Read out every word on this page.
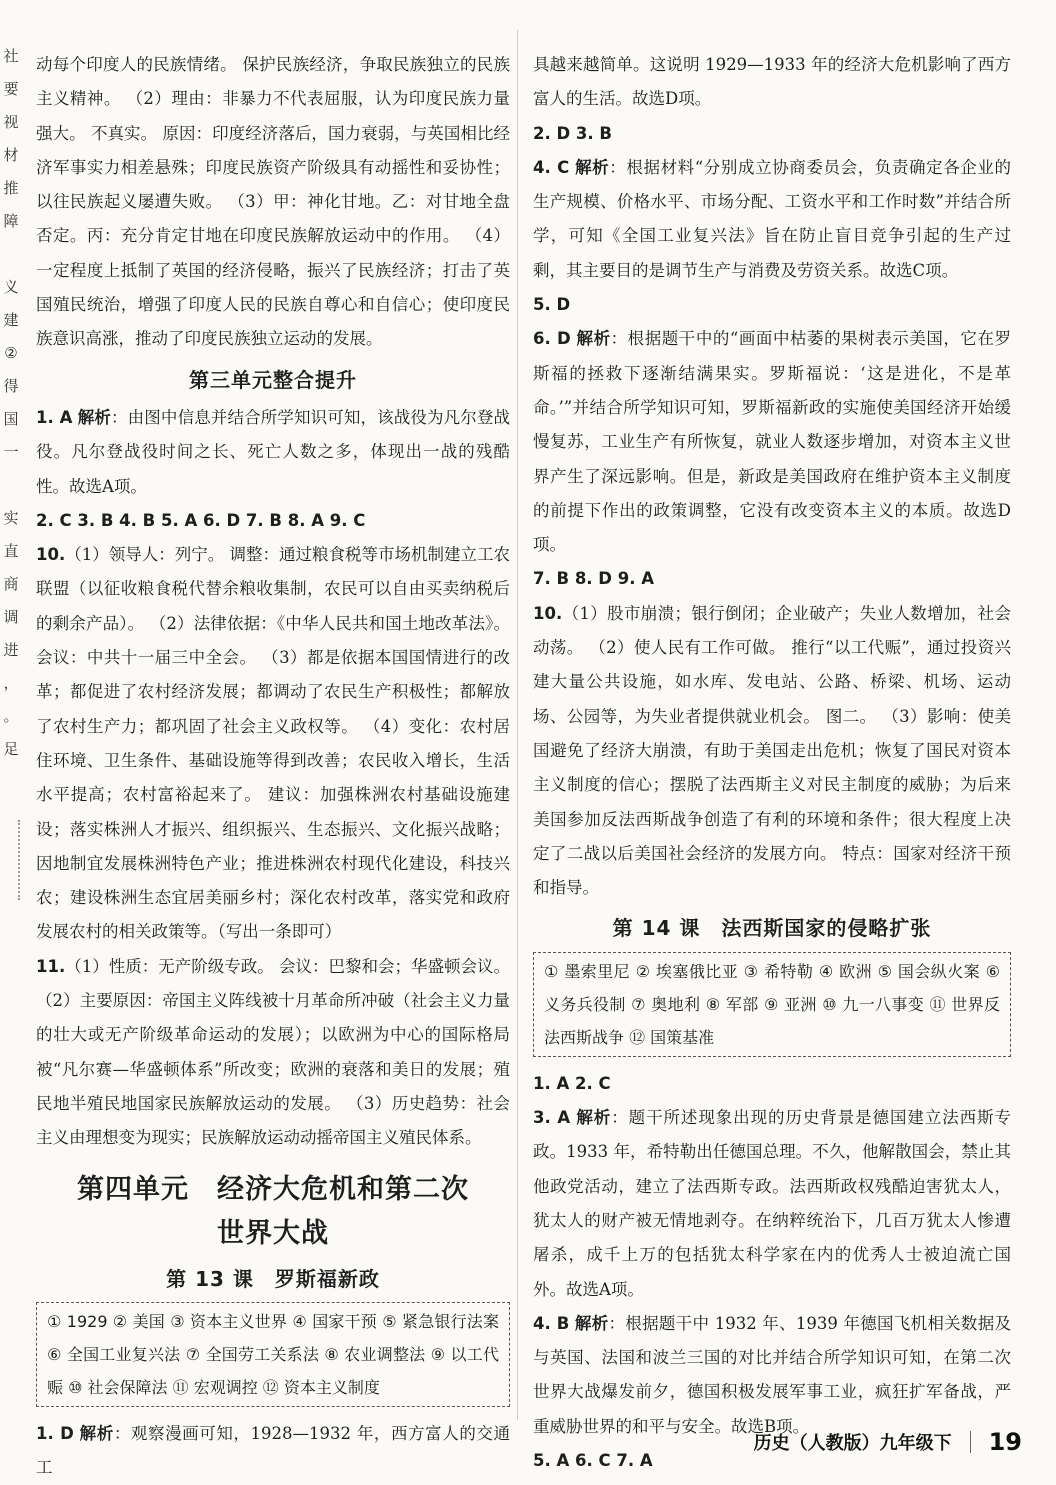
社
要
视
材
推
障

义
建
②
得
国
一

实
直
商
调
进
，
。
足

动每个印度人的民族情绪。 保护民族经济，争取民族独立的民族主义精神。 （2）理由：非暴力不代表屈服，认为印度民族力量强大。 不真实。 原因：印度经济落后，国力衰弱，与英国相比经济军事实力相差悬殊；印度民族资产阶级具有动摇性和妥协性；以往民族起义屡遭失败。 （3）甲：神化甘地。乙：对甘地全盘否定。丙：充分肯定甘地在印度民族解放运动中的作用。 （4）一定程度上抵制了英国的经济侵略，振兴了民族经济；打击了英国殖民统治，增强了印度人民的民族自尊心和自信心；使印度民族意识高涨，推动了印度民族独立运动的发展。

第三单元整合提升

1. A 解析：由图中信息并结合所学知识可知，该战役为凡尔登战役。凡尔登战役时间之长、死亡人数之多，体现出一战的残酷性。故选A项。

2. C 3. B 4. B 5. A 6. D 7. B 8. A 9. C

10.（1）领导人：列宁。 调整：通过粮食税等市场机制建立工农联盟（以征收粮食税代替余粮收集制，农民可以自由买卖纳税后的剩余产品）。 （2）法律依据：《中华人民共和国土地改革法》。 会议：中共十一届三中全会。 （3）都是依据本国国情进行的改革；都促进了农村经济发展；都调动了农民生产积极性；都解放了农村生产力；都巩固了社会主义政权等。 （4）变化：农村居住环境、卫生条件、基础设施等得到改善；农民收入增长，生活水平提高；农村富裕起来了。 建议：加强株洲农村基础设施建设；落实株洲人才振兴、组织振兴、生态振兴、文化振兴战略；因地制宜发展株洲特色产业；推进株洲农村现代化建设，科技兴农；建设株洲生态宜居美丽乡村；深化农村改革，落实党和政府发展农村的相关政策等。（写出一条即可）

11.（1）性质：无产阶级专政。 会议：巴黎和会；华盛顿会议。 （2）主要原因：帝国主义阵线被十月革命所冲破（社会主义力量的壮大或无产阶级革命运动的发展）；以欧洲为中心的国际格局被“凡尔赛—华盛顿体系”所改变；欧洲的衰落和美日的发展；殖民地半殖民地国家民族解放运动的发展。 （3）历史趋势：社会主义由理想变为现实；民族解放运动动摇帝国主义殖民体系。

第四单元　经济大危机和第二次
世界大战
第 13 课　罗斯福新政
① 1929 ② 美国 ③ 资本主义世界 ④ 国家干预 ⑤ 紧急银行法案 ⑥ 全国工业复兴法 ⑦ 全国劳工关系法 ⑧ 农业调整法 ⑨ 以工代赈 ⑩ 社会保障法 ⑪ 宏观调控 ⑫ 资本主义制度

1. D 解析：观察漫画可知，1928—1932 年，西方富人的交通工

具越来越简单。这说明 1929—1933 年的经济大危机影响了西方富人的生活。故选D项。

2. D 3. B

4. C 解析：根据材料“分别成立协商委员会，负责确定各企业的生产规模、价格水平、市场分配、工资水平和工作时数”并结合所学，可知《全国工业复兴法》旨在防止盲目竞争引起的生产过剩，其主要目的是调节生产与消费及劳资关系。故选C项。

5. D

6. D 解析：根据题干中的“画面中枯萎的果树表示美国，它在罗斯福的拯救下逐渐结满果实。罗斯福说：‘这是进化，不是革命。’”并结合所学知识可知，罗斯福新政的实施使美国经济开始缓慢复苏，工业生产有所恢复，就业人数逐步增加，对资本主义世界产生了深远影响。但是，新政是美国政府在维护资本主义制度的前提下作出的政策调整，它没有改变资本主义的本质。故选D项。

7. B 8. D 9. A

10.（1）股市崩溃；银行倒闭；企业破产；失业人数增加，社会动荡。 （2）使人民有工作可做。 推行“以工代赈”，通过投资兴建大量公共设施，如水库、发电站、公路、桥梁、机场、运动场、公园等，为失业者提供就业机会。 图二。 （3）影响：使美国避免了经济大崩溃，有助于美国走出危机；恢复了国民对资本主义制度的信心；摆脱了法西斯主义对民主制度的威胁；为后来美国参加反法西斯战争创造了有利的环境和条件；很大程度上决定了二战以后美国社会经济的发展方向。 特点：国家对经济干预和指导。

第 14 课　法西斯国家的侵略扩张
① 墨索里尼 ② 埃塞俄比亚 ③ 希特勒 ④ 欧洲 ⑤ 国会纵火案 ⑥ 义务兵役制 ⑦ 奥地利 ⑧ 军部 ⑨ 亚洲 ⑩ 九一八事变 ⑪ 世界反法西斯战争 ⑫ 国策基准

1. A 2. C

3. A 解析：题干所述现象出现的历史背景是德国建立法西斯专政。1933 年，希特勒出任德国总理。不久，他解散国会，禁止其他政党活动，建立了法西斯专政。法西斯政权残酷迫害犹太人，犹太人的财产被无情地剥夺。在纳粹统治下，几百万犹太人惨遭屠杀，成千上万的包括犹太科学家在内的优秀人士被迫流亡国外。故选A项。

4. B 解析：根据题干中 1932 年、1939 年德国飞机相关数据及与英国、法国和波兰三国的对比并结合所学知识可知，在第二次世界大战爆发前夕，德国积极发展军事工业，疯狂扩军备战，严重威胁世界的和平与安全。故选B项。

5. A 6. C 7. A

历史（人教版）九年级下 19
